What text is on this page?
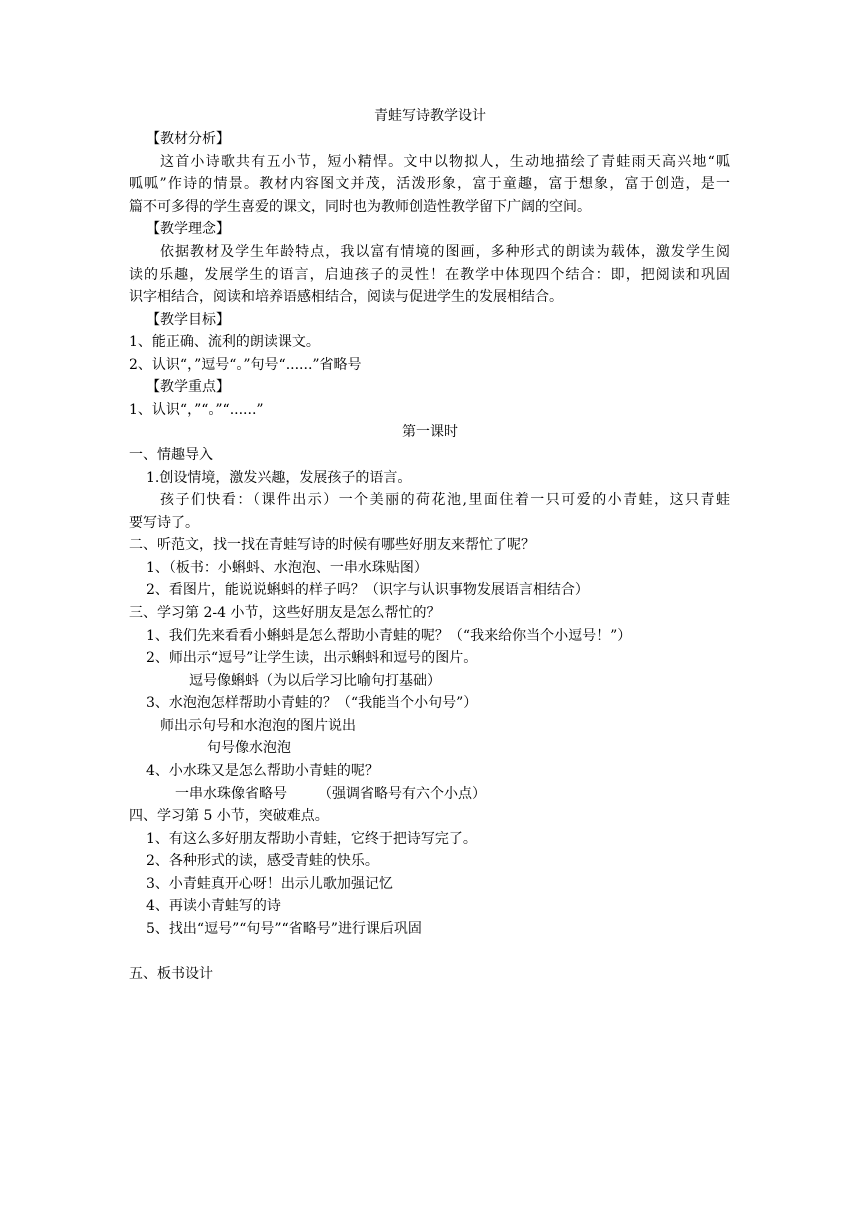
青蛙写诗教学设计
【教材分析】
这首小诗歌共有五小节，短小精悍。文中以物拟人，生动地描绘了青蛙雨天高兴地“呱
呱呱”作诗的情景。教材内容图文并茂，活泼形象，富于童趣，富于想象，富于创造，是一
篇不可多得的学生喜爱的课文，同时也为教师创造性教学留下广阔的空间。
【教学理念】
依据教材及学生年龄特点，我以富有情境的图画，多种形式的朗读为载体，激发学生阅
读的乐趣，发展学生的语言，启迪孩子的灵性！在教学中体现四个结合：即，把阅读和巩固
识字相结合，阅读和培养语感相结合，阅读与促进学生的发展相结合。
【教学目标】
1、能正确、流利的朗读课文。
2、认识“，”逗号“。”句号“......”省略号
【教学重点】
1、认识“，”“。”“......”
第一课时
一、情趣导入
1.创设情境，激发兴趣，发展孩子的语言。
孩子们快看：（课件出示）一个美丽的荷花池,里面住着一只可爱的小青蛙，这只青蛙
要写诗了。
二、听范文，找一找在青蛙写诗的时候有哪些好朋友来帮忙了呢？
1、（板书：小蝌蚪、水泡泡、一串水珠贴图）
2、看图片，能说说蝌蚪的样子吗？（识字与认识事物发展语言相结合）
三、学习第 2-4 小节，这些好朋友是怎么帮忙的？
1、我们先来看看小蝌蚪是怎么帮助小青蛙的呢？（“我来给你当个小逗号！”）
2、师出示“逗号”让学生读，出示蝌蚪和逗号的图片。
逗号像蝌蚪（为以后学习比喻句打基础）
3、水泡泡怎样帮助小青蛙的？（“我能当个小句号”）
师出示句号和水泡泡的图片说出
句号像水泡泡
4、小水珠又是怎么帮助小青蛙的呢？
一串水珠像省略号 （强调省略号有六个小点）
四、学习第 5 小节，突破难点。
1、有这么多好朋友帮助小青蛙，它终于把诗写完了。
2、各种形式的读，感受青蛙的快乐。
3、小青蛙真开心呀！出示儿歌加强记忆
4、再读小青蛙写的诗
5、找出“逗号”“句号”“省略号”进行课后巩固
五、板书设计
